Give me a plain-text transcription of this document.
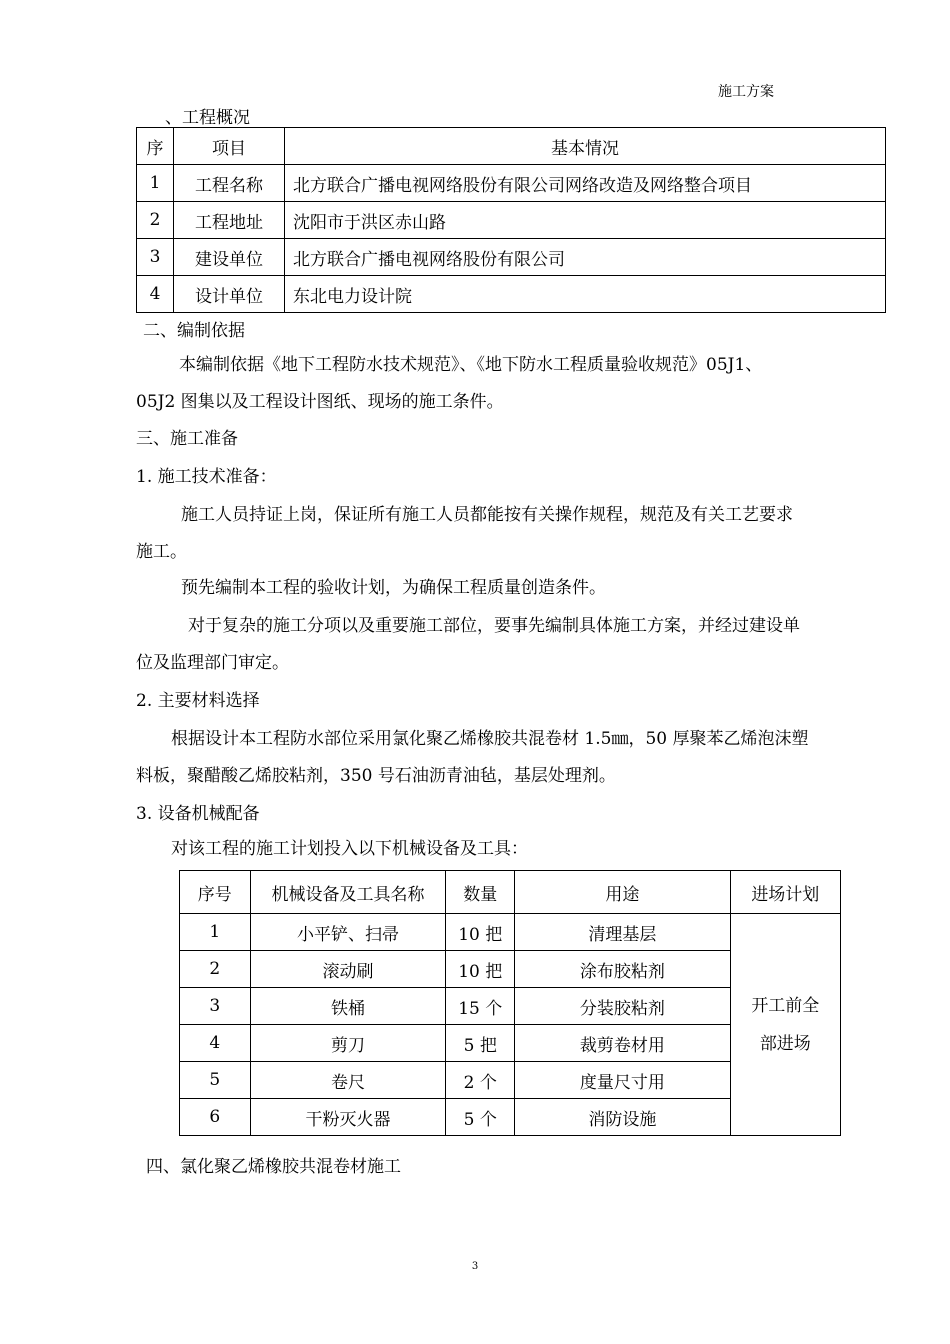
施工方案
、工程概况
序	项目	基本情况
1	工程名称	北方联合广播电视网络股份有限公司网络改造及网络整合项目
2	工程地址	沈阳市于洪区赤山路
3	建设单位	北方联合广播电视网络股份有限公司
4	设计单位	东北电力设计院
二、编制依据
本编制依据《地下工程防水技术规范》、《地下防水工程质量验收规范》05J1、
05J2 图集以及工程设计图纸、现场的施工条件。
三、施工准备
1. 施工技术准备：
施工人员持证上岗，保证所有施工人员都能按有关操作规程，规范及有关工艺要求
施工。
预先编制本工程的验收计划，为确保工程质量创造条件。
对于复杂的施工分项以及重要施工部位，要事先编制具体施工方案，并经过建设单
位及监理部门审定。
2. 主要材料选择
根据设计本工程防水部位采用氯化聚乙烯橡胶共混卷材 1.5㎜，50 厚聚苯乙烯泡沫塑
料板，聚醋酸乙烯胶粘剂，350 号石油沥青油毡，基层处理剂。
3. 设备机械配备
对该工程的施工计划投入以下机械设备及工具：
序号	机械设备及工具名称	数量	用途	进场计划
1	小平铲、扫帚	10 把	清理基层	开工前全
部进场

2	滚动刷	10 把	涂布胶粘剂	
3	铁桶	15 个	分装胶粘剂	
4	剪刀	5 把	裁剪卷材用	
5	卷尺	2 个	度量尺寸用	
6	干粉灭火器	5 个	消防设施	
四、氯化聚乙烯橡胶共混卷材施工
3
